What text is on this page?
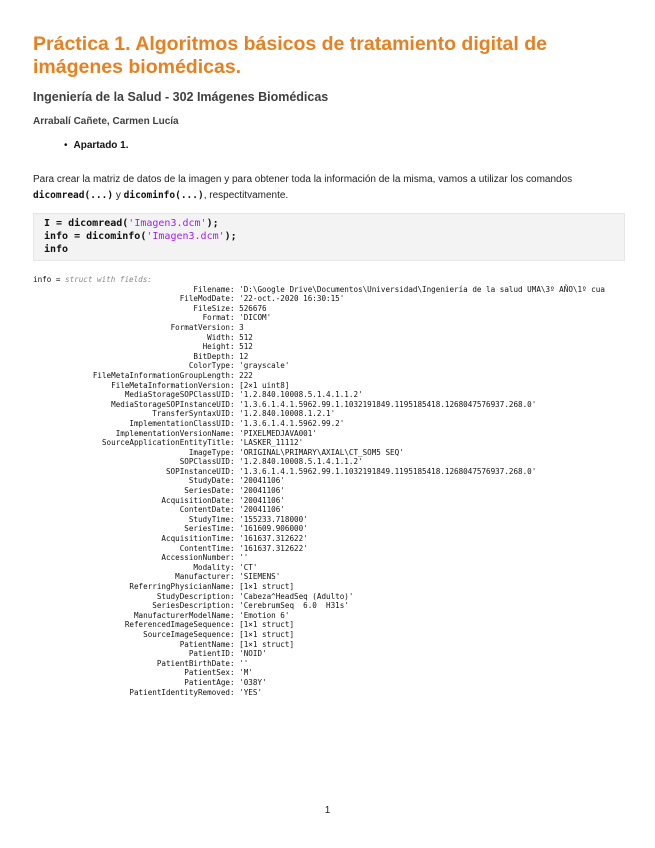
Práctica 1. Algoritmos básicos de tratamiento digital de imágenes biomédicas.
Ingeniería de la Salud - 302 Imágenes Biomédicas

Arrabalí Cañete, Carmen Lucía

• Apartado 1.

Para crear la matriz de datos de la imagen y para obtener toda la información de la misma, vamos a utilizar los comandos dicomread(...) y dicominfo(...), respectitvamente.

I = dicomread('Imagen3.dcm');
info = dicominfo('Imagen3.dcm');
info
info = struct with fields:
Filename : 'D:\Google Drive\Documentos\Universidad\Ingeniería de la salud UMA\3º AÑO\1º cua
FileModDate : '22-oct.-2020 16:30:15'
FileSize : 526676
Format : 'DICOM'
FormatVersion : 3
Width : 512
Height : 512
BitDepth : 12
ColorType : 'grayscale'
FileMetaInformationGroupLength : 222
FileMetaInformationVersion : [2×1 uint8]
MediaStorageSOPClassUID : '1.2.840.10008.5.1.4.1.1.2'
MediaStorageSOPInstanceUID : '1.3.6.1.4.1.5962.99.1.1032191849.1195185418.1268047576937.268.0'
TransferSyntaxUID : '1.2.840.10008.1.2.1'
ImplementationClassUID : '1.3.6.1.4.1.5962.99.2'
ImplementationVersionName : 'PIXELMEDJAVA001'
SourceApplicationEntityTitle : 'LASKER_11112'
ImageType : 'ORIGINAL\PRIMARY\AXIAL\CT_SOM5 SEQ'
SOPClassUID : '1.2.840.10008.5.1.4.1.1.2'
SOPInstanceUID : '1.3.6.1.4.1.5962.99.1.1032191849.1195185418.1268047576937.268.0'
StudyDate : '20041106'
SeriesDate : '20041106'
AcquisitionDate : '20041106'
ContentDate : '20041106'
StudyTime : '155233.718000'
SeriesTime : '161609.906000'
AcquisitionTime : '161637.312622'
ContentTime : '161637.312622'
AccessionNumber : ''
Modality : 'CT'
Manufacturer : 'SIEMENS'
ReferringPhysicianName : [1×1 struct]
StudyDescription : 'Cabeza^HeadSeq (Adulto)'
SeriesDescription : 'CerebrumSeq  6.0  H31s'
ManufacturerModelName : 'Emotion 6'
ReferencedImageSequence : [1×1 struct]
SourceImageSequence : [1×1 struct]
PatientName : [1×1 struct]
PatientID : 'NOID'
PatientBirthDate : ''
PatientSex : 'M'
PatientAge : '038Y'
PatientIdentityRemoved : 'YES'
1
